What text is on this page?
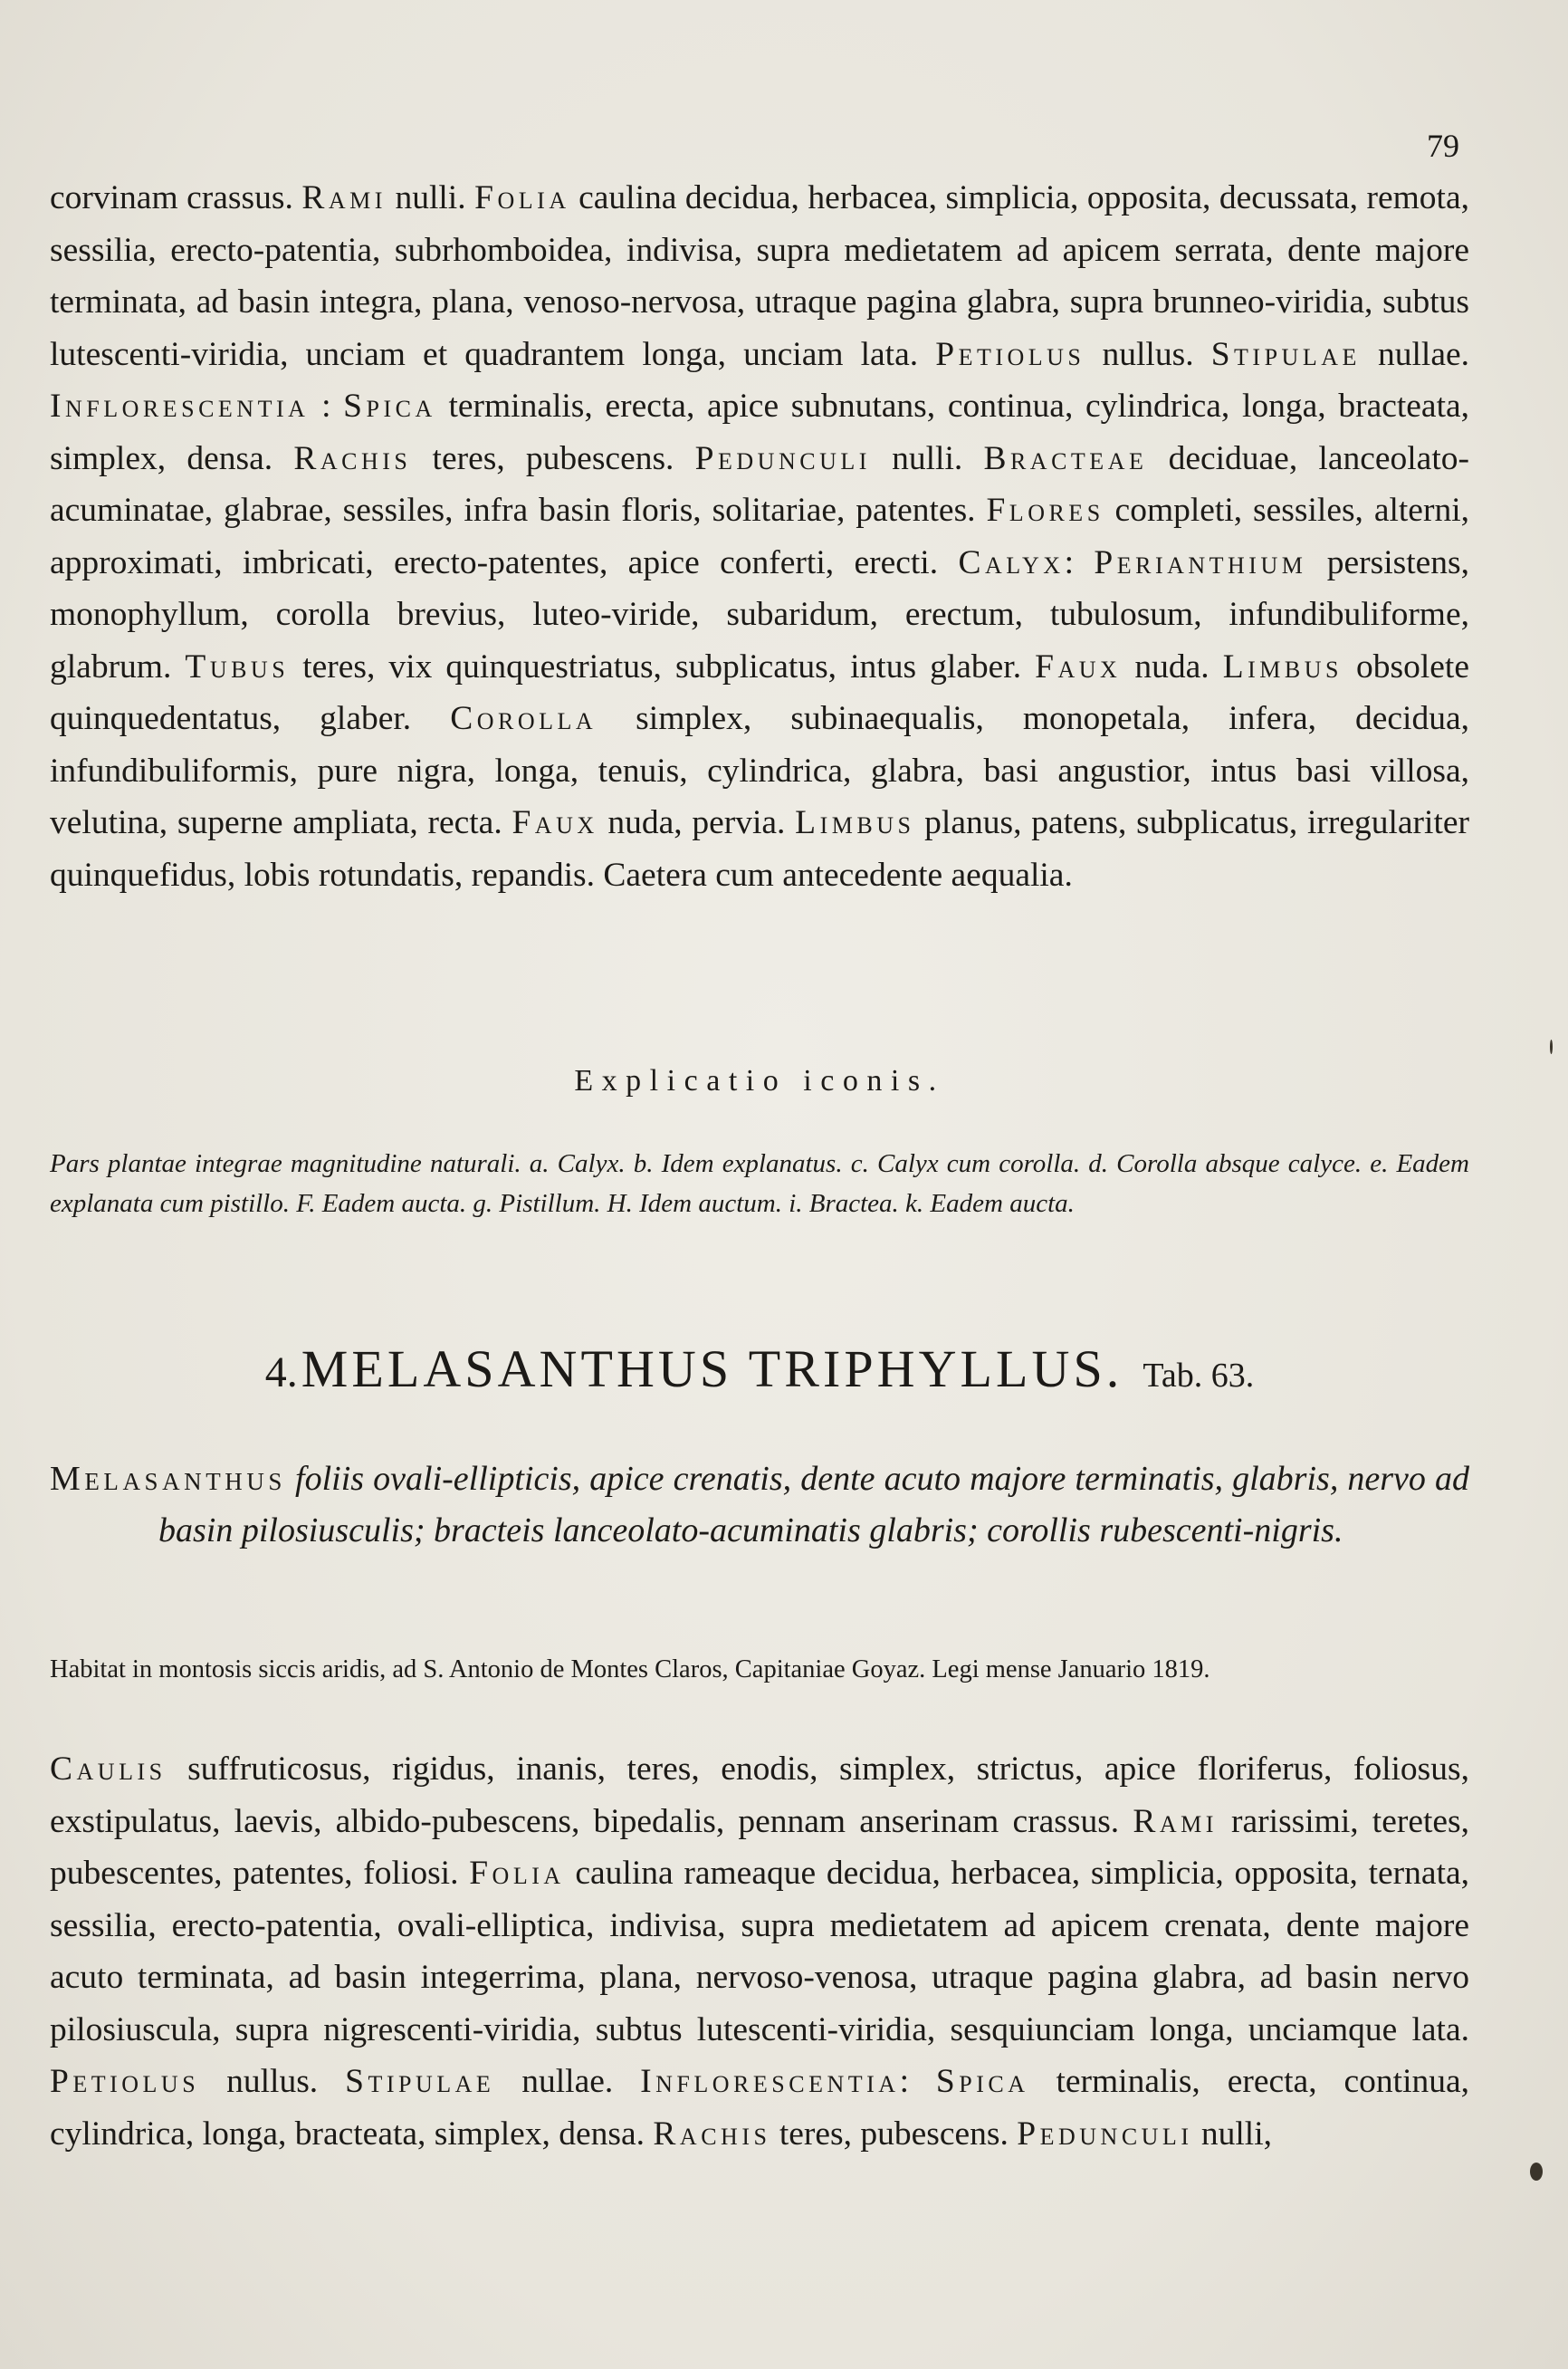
79

corvinam crassus. Rami nulli. Folia caulina decidua, herbacea, simplicia, opposita, decussata, remota, sessilia, erecto-patentia, subrhomboidea, indivisa, supra medietatem ad apicem serrata, dente majore terminata, ad basin integra, plana, venoso-nervosa, utraque pagina glabra, supra brunneo-viridia, subtus lutescenti-viridia, unciam et quadrantem longa, unciam lata. Petiolus nullus. Stipulae nullae. Inflorescentia : Spica terminalis, erecta, apice subnutans, continua, cylindrica, longa, bracteata, simplex, densa. Rachis teres, pubescens. Pedunculi nulli. Bracteae deciduae, lanceolato-acuminatae, glabrae, sessiles, infra basin floris, solitariae, patentes. Flores completi, sessiles, alterni, approximati, imbricati, erecto-patentes, apice conferti, erecti. Calyx: Perianthium persistens, monophyllum, corolla brevius, luteo-viride, subaridum, erectum, tubulosum, infundibuliforme, glabrum. Tubus teres, vix quinquestriatus, subplicatus, intus glaber. Faux nuda. Limbus obsolete quinquedentatus, glaber. Corolla simplex, subinaequalis, monopetala, infera, decidua, infundibuliformis, pure nigra, longa, tenuis, cylindrica, glabra, basi angustior, intus basi villosa, velutina, superne ampliata, recta. Faux nuda, pervia. Limbus planus, patens, subplicatus, irregulariter quinquefidus, lobis rotundatis, repandis. Caetera cum antecedente aequalia.

Explicatio iconis.

Pars plantae integrae magnitudine naturali. a. Calyx. b. Idem explanatus. c. Calyx cum corolla. d. Corolla absque calyce. e. Eadem explanata cum pistillo. F. Eadem aucta. g. Pistillum. H. Idem auctum. i. Bractea. k. Eadem aucta.

4. MELASANTHUS TRIPHYLLUS. Tab. 63.

Melasanthus foliis ovali-ellipticis, apice crenatis, dente acuto majore terminatis, glabris, nervo ad basin pilosiusculis; bracteis lanceolato-acuminatis glabris; corollis rubescenti-nigris.

Habitat in montosis siccis aridis, ad S. Antonio de Montes Claros, Capitaniae Goyaz. Legi mense Januario 1819.

Caulis suffruticosus, rigidus, inanis, teres, enodis, simplex, strictus, apice floriferus, foliosus, exstipulatus, laevis, albido-pubescens, bipedalis, pennam anserinam crassus. Rami rarissimi, teretes, pubescentes, patentes, foliosi. Folia caulina rameaque decidua, herbacea, simplicia, opposita, ternata, sessilia, erecto-patentia, ovali-elliptica, indivisa, supra medietatem ad apicem crenata, dente majore acuto terminata, ad basin integerrima, plana, nervoso-venosa, utraque pagina glabra, ad basin nervo pilosiuscula, supra nigrescenti-viridia, subtus lutescenti-viridia, sesquiunciam longa, unciamque lata. Petiolus nullus. Stipulae nullae. Inflorescentia: Spica terminalis, erecta, continua, cylindrica, longa, bracteata, simplex, densa. Rachis teres, pubescens. Pedunculi nulli,
